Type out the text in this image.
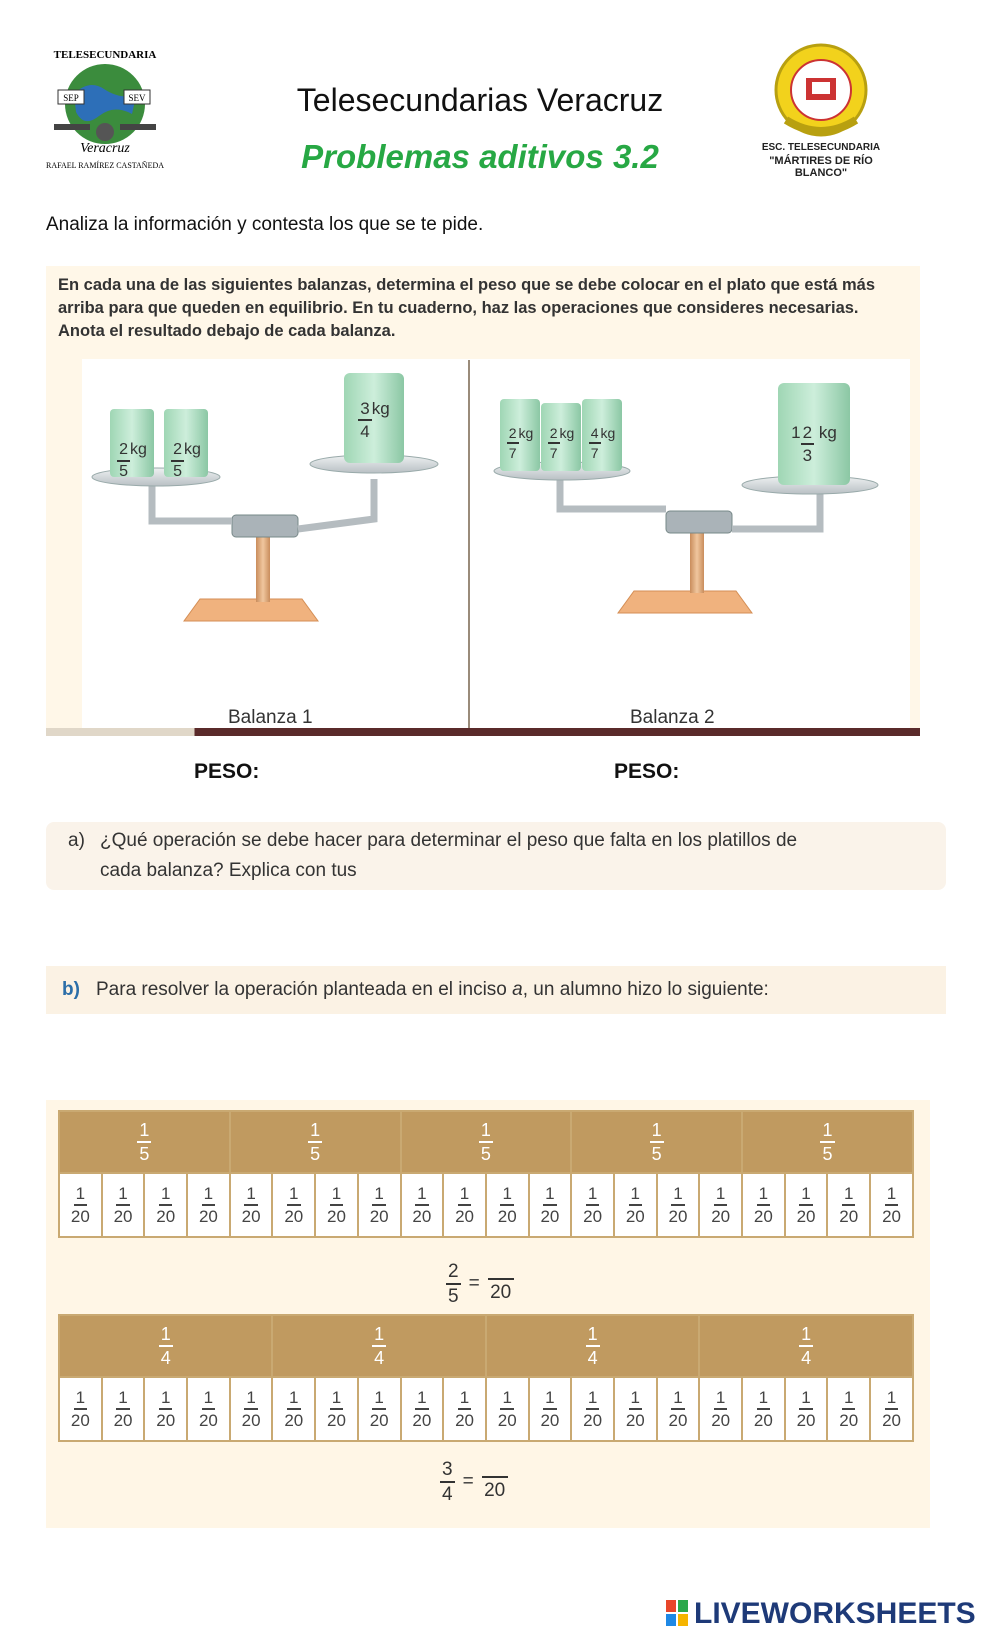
SEP	SEV
TELESECUNDARIA
Veracruz
RAFAEL RAMÍREZ CASTAÑEDA
Telesecundarias Veracruz
Problemas aditivos 3.2	ESC. TELESECUNDARIA
"MÁRTIRES DE RÍO BLANCO"
Analiza la información y contesta los que se te pide.
En cada una de las siguientes balanzas, determina el peso que se debe colocar en el plato que está más arriba para que queden en equilibrio. En tu cuaderno, haz las operaciones que consideres necesarias. Anota el resultado debajo de cada balanza.
$\frac{2}{5}$ kg	$\frac{2}{5}$ kg
$\frac{3}{4}$ kg
$\frac{2}{7}$ kg	$\frac{2}{7}$ kg	$\frac{4}{7}$ kg	$1 \frac{2}{3}$ kg
Balanza 1	Balanza 2
PESO:	PESO:
a) ¿Qué operación se debe hacer para determinar el peso que falta en los platillos de
cada balanza? Explica con tus
b) Para resolver la operación planteada en el inciso a, un alumno hizo lo siguiente:
$\frac{1}{5}$				$\frac{1}{5}$				$\frac{1}{5}$				$\frac{1}{5}$				$\frac{1}{5}$

$\frac{1}{20}$	$\frac{1}{20}$	$\frac{1}{20}$	$\frac{1}{20}$	$\frac{1}{20}$	$\frac{1}{20}$	$\frac{1}{20}$	$\frac{1}{20}$	$\frac{1}{20}$	$\frac{1}{20}$	$\frac{1}{20}$	$\frac{1}{20}$	$\frac{1}{20}$	$\frac{1}{20}$	$\frac{1}{20}$	$\frac{1}{20}$	$\frac{1}{20}$	$\frac{1}{20}$	$\frac{1}{20}$	$\frac{1}{20}$
$\frac{2}{5} = 20$
$\frac{1}{4}$					$\frac{1}{4}$					$\frac{1}{4}$					$\frac{1}{4}$

$\frac{1}{20}$	$\frac{1}{20}$	$\frac{1}{20}$	$\frac{1}{20}$	$\frac{1}{20}$	$\frac{1}{20}$	$\frac{1}{20}$	$\frac{1}{20}$	$\frac{1}{20}$	$\frac{1}{20}$	$\frac{1}{20}$	$\frac{1}{20}$	$\frac{1}{20}$	$\frac{1}{20}$	$\frac{1}{20}$	$\frac{1}{20}$	$\frac{1}{20}$	$\frac{1}{20}$	$\frac{1}{20}$	$\frac{1}{20}$
$\frac{3}{4} = 20$
LIVEWORKSHEETS
